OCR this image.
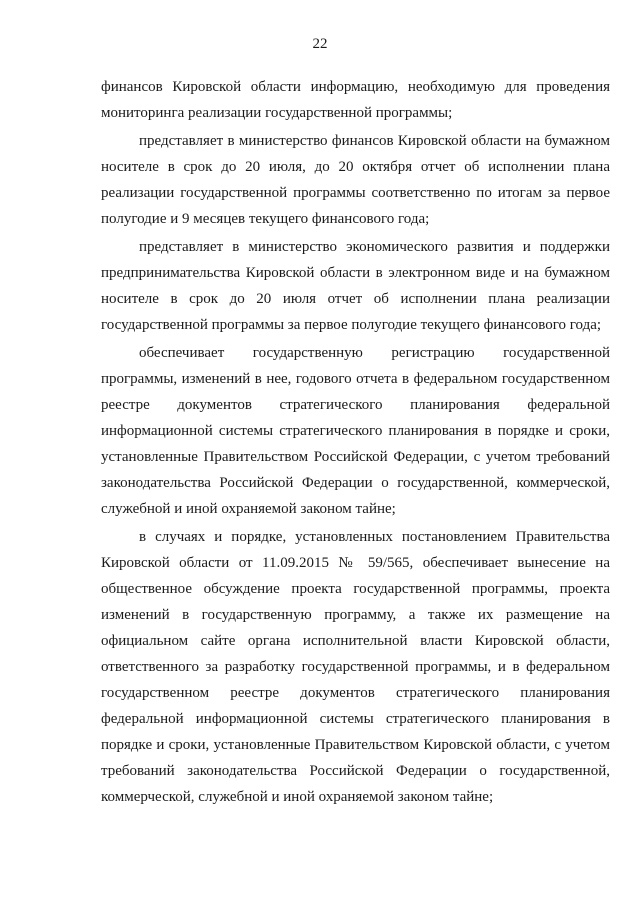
22

финансов Кировской области информацию, необходимую для проведения мониторинга реализации государственной программы;

представляет в министерство финансов Кировской области на бумажном носителе в срок до 20 июля, до 20 октября отчет об исполнении плана реализации государственной программы соответственно по итогам за первое полугодие и 9 месяцев текущего финансового года;

представляет в министерство экономического развития и поддержки предпринимательства Кировской области в электронном виде и на бумажном носителе в срок до 20 июля отчет об исполнении плана реализации государственной программы за первое полугодие текущего финансового года;

обеспечивает государственную регистрацию государственной программы, изменений в нее, годового отчета в федеральном государственном реестре документов стратегического планирования федеральной информационной системы стратегического планирования в порядке и сроки, установленные Правительством Российской Федерации, с учетом требований законодательства Российской Федерации о государственной, коммерческой, служебной и иной охраняемой законом тайне;

в случаях и порядке, установленных постановлением Правительства Кировской области от 11.09.2015 № 59/565, обеспечивает вынесение на общественное обсуждение проекта государственной программы, проекта изменений в государственную программу, а также их размещение на официальном сайте органа исполнительной власти Кировской области, ответственного за разработку государственной программы, и в федеральном государственном реестре документов стратегического планирования федеральной информационной системы стратегического планирования в порядке и сроки, установленные Правительством Кировской области, с учетом требований законодательства Российской Федерации о государственной, коммерческой, служебной и иной охраняемой законом тайне;
